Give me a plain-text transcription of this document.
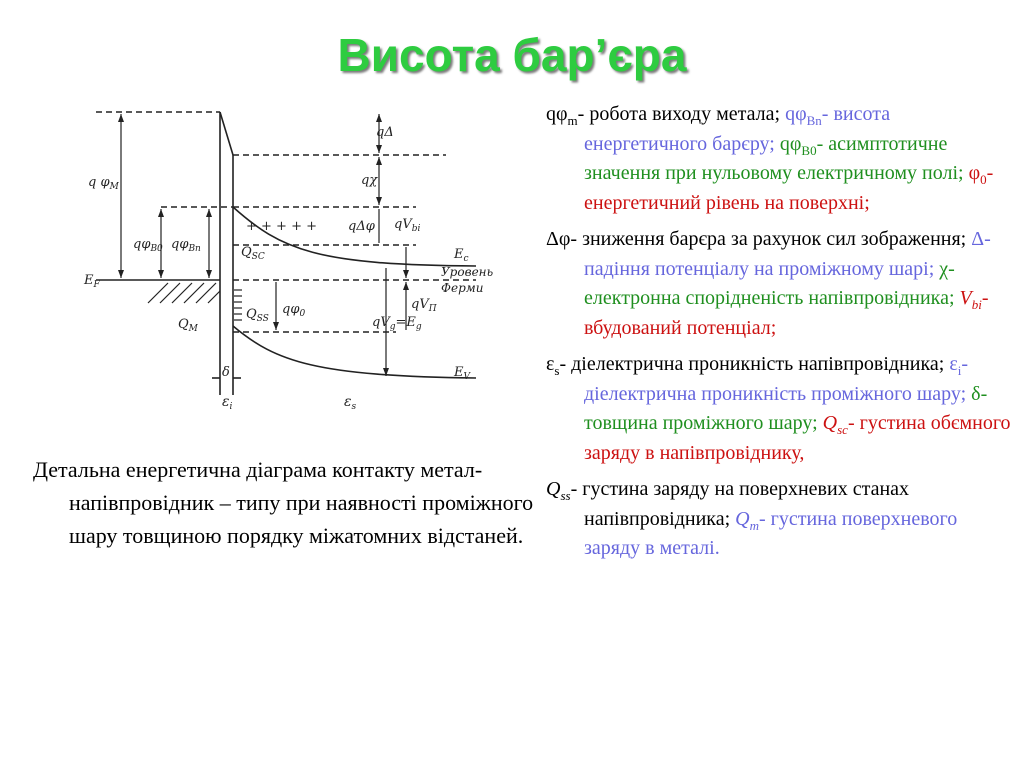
Висота бар’єра
qΔ
qχ
q $\varphi_M$
$q\varphi_{B0}$ $q\varphi_{Bп}$
qΔφ $qV_{bi}$
+ + + + +
$Q_{SC}$	$E_c$
Уровень
Ферми
$E_F$
$qV_П$
$Q_{SS}$
$q\varphi_0$
$Q_M$	$qV_g=E_g$
$E_V$
δ
$\varepsilon_i$	$\varepsilon_s$
Детальна енергетична діаграма контакту метал-напівпровідник – типу при наявності проміжного шару товщиною порядку міжатомних відстаней.
$q\varphi_m-$ робота виходу метала; $q\varphi_{Bn}-$ висота енергетичного барєру; $q\varphi_{B0}-$ асимптотичне значення при нульовому електричному полі; $\varphi_0-$ енергетичний рівень на поверхні;
Δφ- зниження барєра за рахунок сил зображення; Δ- падіння потенціалу на проміжному шарі; χ- електронна спорідненість напівпровідника; $V_{bi}-$ вбудований потенціал;
$\varepsilon_s-$ діелектрична проникність напівпровідника; $\varepsilon_i-$ діелектрична проникність проміжного шару; δ- товщина проміжного шару; $Q_{sc}-$ густина обємного заряду в напівпровіднику,
$Q_{ss}-$ густина заряду на поверхневих станах напівпровідника; $Q_m-$ густина поверхневого заряду в металі.
